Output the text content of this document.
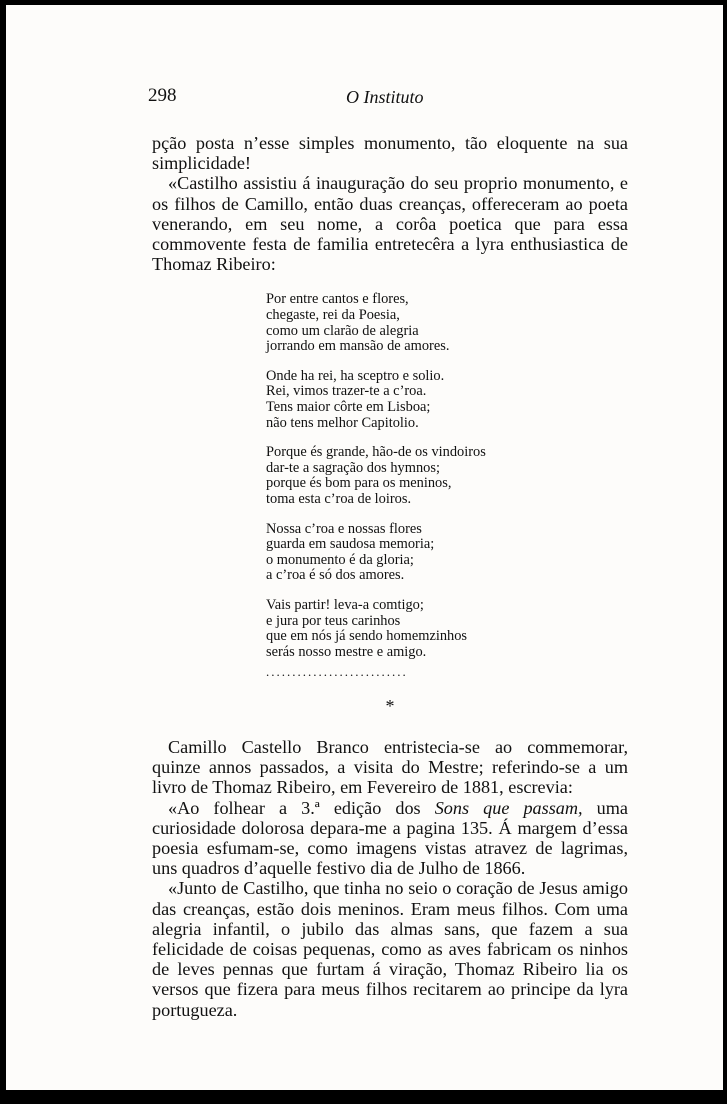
298	O Instituto

pção posta n’esse simples monumento, tão eloquente na sua simplicidade!

«Castilho assistiu á inauguração do seu proprio monumento, e os filhos de Camillo, então duas creanças, offereceram ao poeta venerando, em seu nome, a corôa poetica que para essa commovente festa de familia entretecêra a lyra enthusiastica de Thomaz Ribeiro:

Por entre cantos e flores,
chegaste, rei da Poesia,
como um clarão de alegria
jorrando em mansão de amores.
Onde ha rei, ha sceptro e solio.
Rei, vimos trazer-te a c’roa.
Tens maior côrte em Lisboa;
não tens melhor Capitolio.
Porque és grande, hão-de os vindoiros
dar-te a sagração dos hymnos;
porque és bom para os meninos,
toma esta c’roa de loiros.
Nossa c’roa e nossas flores
guarda em saudosa memoria;
o monumento é da gloria;
a c’roa é só dos amores.
Vais partir! leva-a comtigo;
e jura por teus carinhos
que em nós já sendo homemzinhos
serás nosso mestre e amigo.
...........................
*

Camillo Castello Branco entristecia-se ao commemorar, quinze annos passados, a visita do Mestre; referindo-se a um livro de Thomaz Ribeiro, em Fevereiro de 1881, escrevia:

«Ao folhear a 3.ª edição dos Sons que passam, uma curiosidade dolorosa depara-me a pagina 135. Á margem d’essa poesia esfumam-se, como imagens vistas atravez de lagrimas, uns quadros d’aquelle festivo dia de Julho de 1866.

«Junto de Castilho, que tinha no seio o coração de Jesus amigo das creanças, estão dois meninos. Eram meus filhos. Com uma alegria infantil, o jubilo das almas sans, que fazem a sua felicidade de coisas pequenas, como as aves fabricam os ninhos de leves pennas que furtam á viração, Thomaz Ribeiro lia os versos que fizera para meus filhos recitarem ao principe da lyra portugueza.
